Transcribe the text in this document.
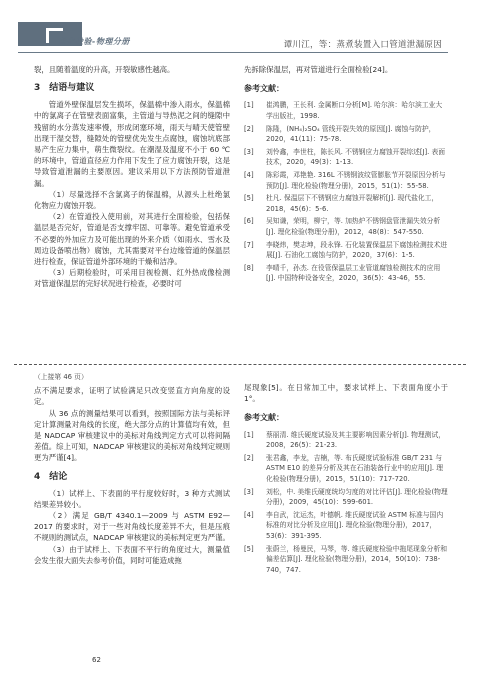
理化检验-物理分册	谭川江，等：蒸煮装置入口管道泄漏原因

裂，且随着温度的升高，开裂敏感性越高。

3　结语与建议

管道外壁保温层发生损坏，保温棉中渗入雨水，保温棉中的氯离子在管壁表面富集，主管道与导热泥之间的缝隙中残留的水分蒸发速率慢，形成闭塞环境，雨天与晴天使管壁出现干湿交替，缝隙处的管壁优先发生点腐蚀，腐蚀坑底部易产生应力集中，萌生微裂纹。在潮湿及温度不小于 60 ℃ 的环境中，管道直径应力作用下发生了应力腐蚀开裂，这是导致管道泄漏的主要原因。建议采用以下方法预防管道泄漏。

（1）尽量选择不含氯离子的保温棉，从源头上杜绝氯化物应力腐蚀开裂。

（2）在管道投入使用前，对其进行全面检验，包括保温层是否完好，管道是否支撑牢固、可靠等。避免管道承受不必要的外加应力及可能出现的外来介质（如雨水、雪水及周边设备喷出物）腐蚀，尤其需要对平台边缘管道的保温层进行检查，保证管道外部环境的干燥和洁净。

（3）后期检验时，可采用目视检测、红外热成像检测对管道保温层的完好状况进行检查，必要时可

先拆除保温层，再对管道进行全面检验[24]。

参考文献：
[1] 崔鸿鹏，王长利. 金属断口分析[M]. 哈尔滨：哈尔滨工业大学出版社，1998.
[2] 陈隆，(NH₄)₂SO₄ 管线开裂失效的原因[J]. 腐蚀与防护，2020，41(11)：75-78.
[3] 刘怜鑫，李世柱，陈长风. 不锈钢应力腐蚀开裂综述[J]. 表面技术，2020，49(3)：1-13.
[4] 陈彩霞，邓艳艳. 316L 不锈钢波纹管膨胀节开裂原因分析与预防[J]. 理化检验(物理分册)，2015，51(1)：55-58.
[5] 杜凡. 保温层下不锈钢应力腐蚀开裂解析[J]. 现代盐化工，2018，45(6)：5-6.
[6] 吴知谦，荣明，柳宁，等. 加热炉不锈钢盘管泄漏失效分析[J]. 理化检验(物理分册)，2012，48(8)：547-550.
[7] 李晓炜，樊志坤，段永锋. 石化装置保温层下腐蚀检测技术进展[J]. 石油化工腐蚀与防护，2020，37(6)：1-5.
[8] 李晴千，孙杰. 在役管保温层工业管道腐蚀检测技术的应用[J]. 中国特种设备安全，2020，36(5)：43-46，55.
（上接第 46 页）

点不满足要求，证明了试验满足只改变竖直方向角度的设定。

从 36 点的测量结果可以看到，按照国际方法与美标评定计算测量对角线的长度，绝大部分点的计算值均有效，但是 NADCAP 审核建议中的美标对角线判定方式可以将间隔差值。综上可知，NADCAP 审核建议的美标对角线判定规则更为严谨[4]。

4　结论

（1）试样上、下表面的平行度较好时，3 种方式测试结果差异较小。

（2）满足 GB/T 4340.1—2009 与 ASTM E92—2017 的要求时，对于一些对角线长度差异不大，但是压痕不规则的测试点，NADCAP 审核建议的美标判定更为严谨。

（3）由于试样上、下表面不平行的角度过大，测量值会发生很大面失去参考价值，同时可能造成拖

62

尾现象[5]。在日常加工中，要求试样上、下表面角度小于 1°。

参考文献：
[1] 蔡丽清. 维氏硬度试验及其主要影响因素分析[J]. 物理测试，2008，26(5)：21-23.
[2] 张君鑫，李龙，吉楠，等. 布氏硬度试验标准 GB/T 231 与 ASTM E10 的差异分析及其在石油装备行业中的应用[J]. 理化检验(物理分册)，2015，51(10)：717-720.
[3] 刘松，中. 美维氏硬度统均匀度的对比评估[J]. 理化检验(物理分册)，2009，45(10)：599-601.
[4] 李自武，沈运杰，叶德帆. 维氏硬度试验 ASTM 标准与国内标准的对比分析及应用[J]. 理化检验(物理分册)，2017，53(6)：391-395.
[5] 张蔚兰，杨曼民，马琴，等. 维氏硬度检验中拖尾现象分析和偏差估算[J]. 理化检验(物理分册)，2014，50(10)：738-740，747.
